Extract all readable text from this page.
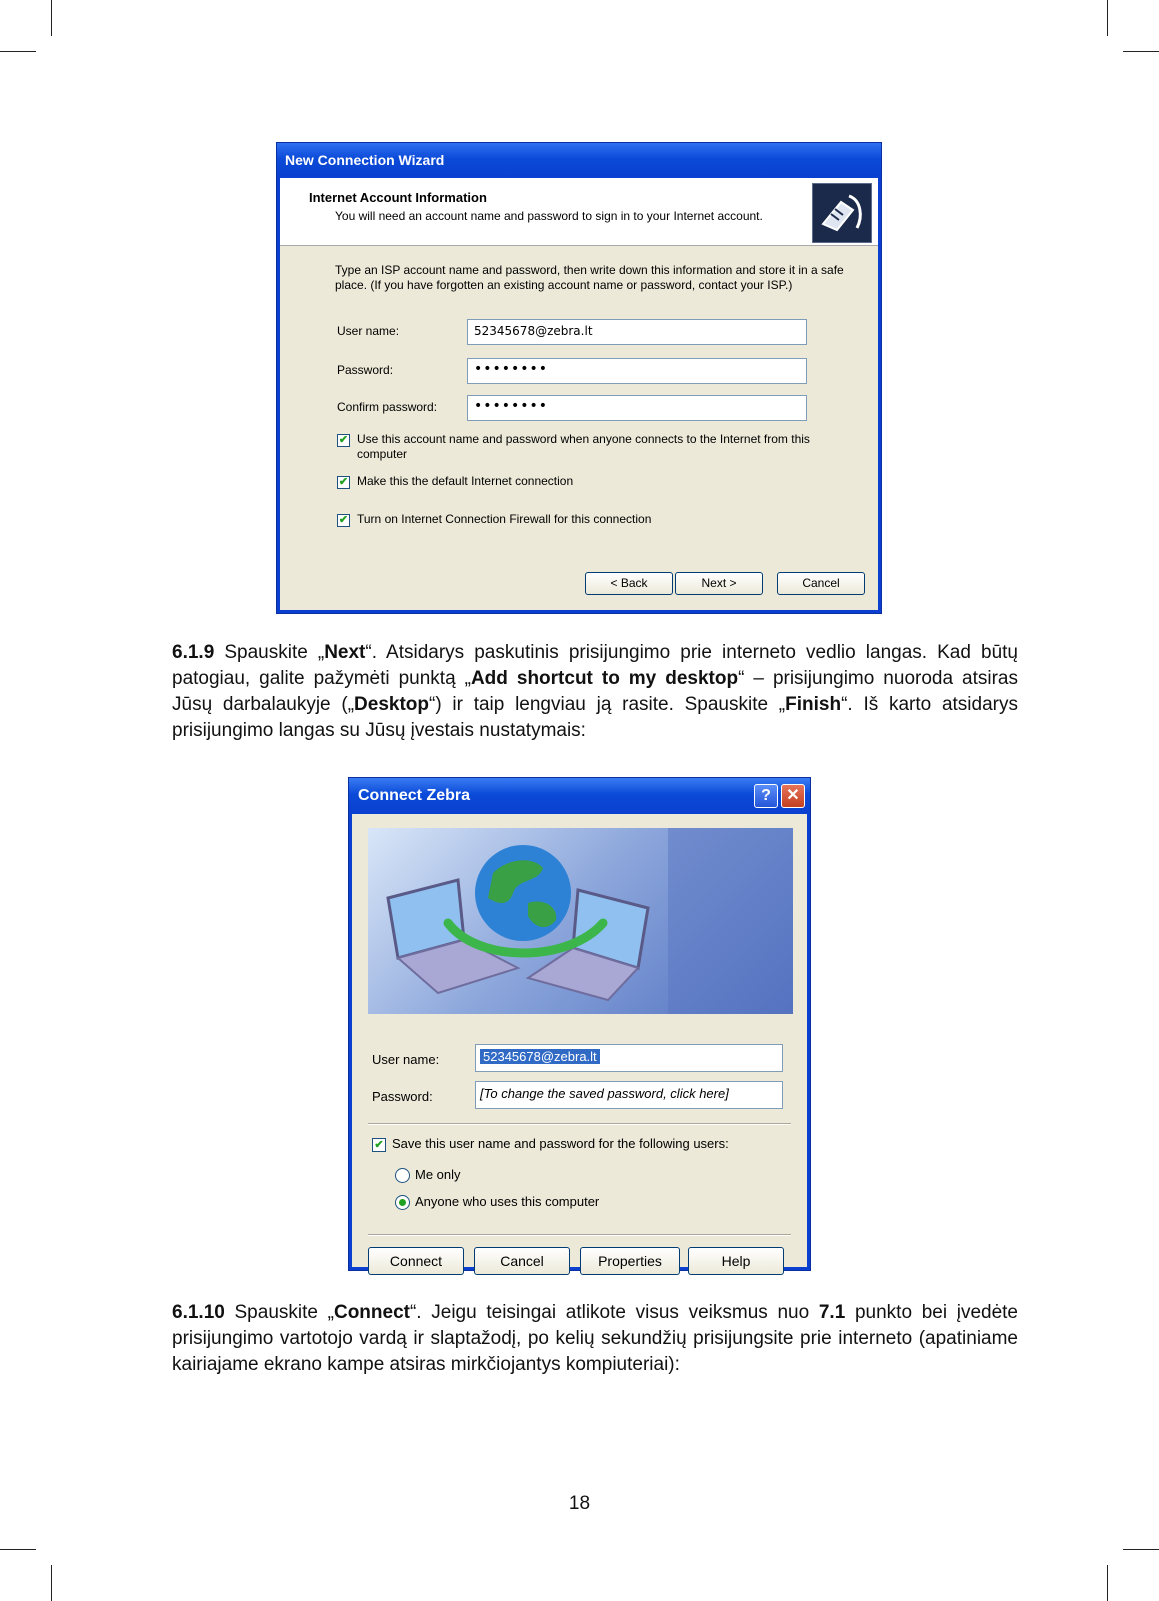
New Connection Wizard
Internet Account Information
You will need an account name and password to sign in to your Internet account.
Type an ISP account name and password, then write down this information and store it in a safe place. (If you have forgotten an existing account name or password, contact your ISP.)
User name:	52345678@zebra.lt
Password:	••••••••
Confirm password:	••••••••
✔ Use this account name and password when anyone connects to the Internet from this computer
✔ Make this the default Internet connection
✔ Turn on Internet Connection Firewall for this connection
< Back	Next >	Cancel
6.1.9 Spauskite „Next“. Atsidarys paskutinis prisijungimo prie interneto vedlio langas. Kad būtų patogiau, galite pažymėti punktą „Add shortcut to my desktop“ – prisijungimo nuoroda atsiras Jūsų darbalaukyje („Desktop“) ir taip lengviau ją rasite. Spauskite „Finish“. Iš karto atsidarys prisijungimo langas su Jūsų įvestais nustatymais:
Connect Zebra	? ✕
User name:	52345678@zebra.lt
Password:	[To change the saved password, click here]
✔ Save this user name and password for the following users:
Me only
Anyone who uses this computer
Connect	Cancel	Properties	Help
6.1.10 Spauskite „Connect“. Jeigu teisingai atlikote visus veiksmus nuo 7.1 punkto bei įvedėte prisijungimo vartotojo vardą ir slaptažodį, po kelių sekundžių prisijungsite prie interneto (apatiniame kairiajame ekrano kampe atsiras mirkčiojantys kompiuteriai):
18
